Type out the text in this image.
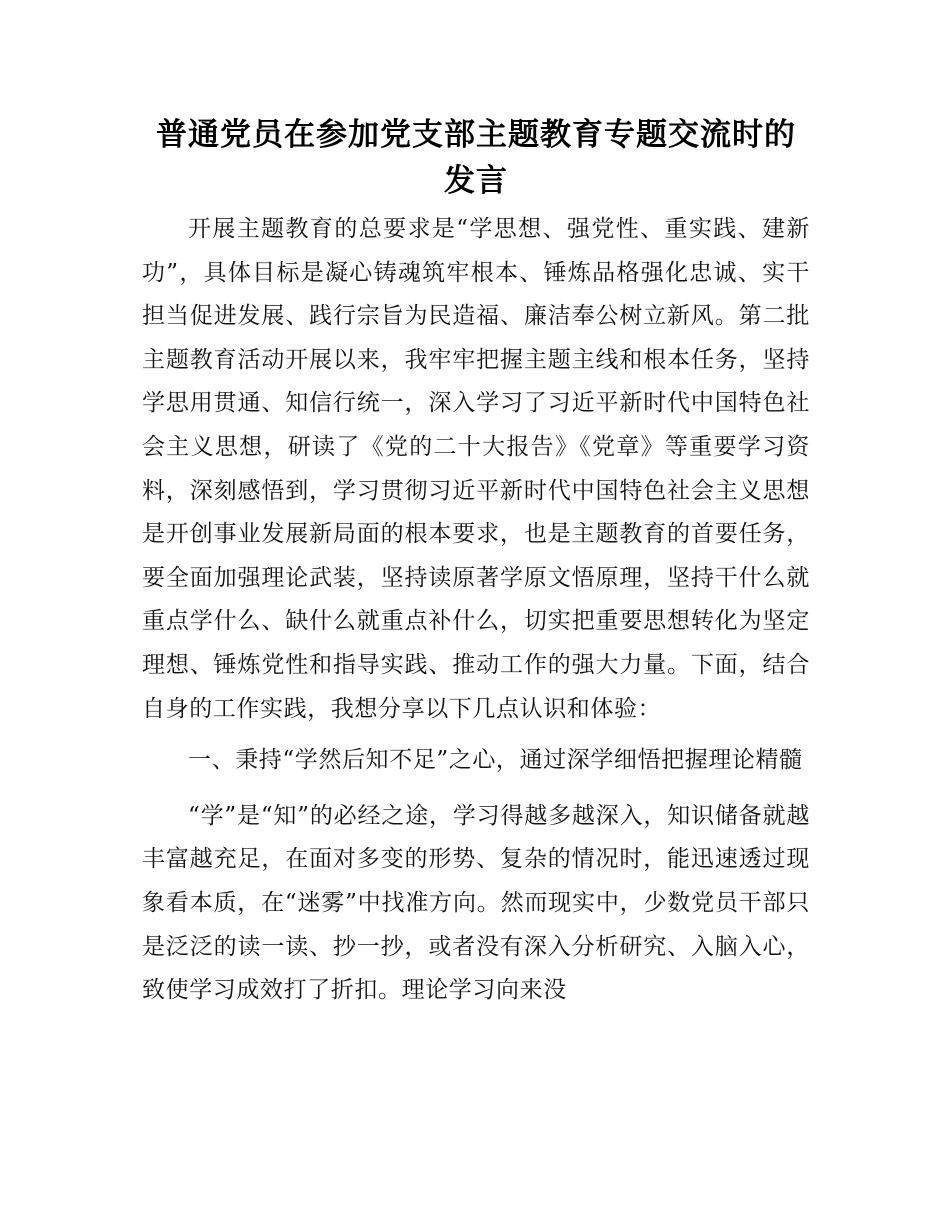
普通党员在参加党支部主题教育专题交流时的发言

开展主题教育的总要求是“学思想、强党性、重实践、建新功”，具体目标是凝心铸魂筑牢根本、锤炼品格强化忠诚、实干担当促进发展、践行宗旨为民造福、廉洁奉公树立新风。第二批主题教育活动开展以来，我牢牢把握主题主线和根本任务，坚持学思用贯通、知信行统一，深入学习了习近平新时代中国特色社会主义思想，研读了《党的二十大报告》《党章》等重要学习资料，深刻感悟到，学习贯彻习近平新时代中国特色社会主义思想是开创事业发展新局面的根本要求，也是主题教育的首要任务，要全面加强理论武装，坚持读原著学原文悟原理，坚持干什么就重点学什么、缺什么就重点补什么，切实把重要思想转化为坚定理想、锤炼党性和指导实践、推动工作的强大力量。下面，结合自身的工作实践，我想分享以下几点认识和体验：

一、秉持“学然后知不足”之心，通过深学细悟把握理论精髓

“学”是“知”的必经之途，学习得越多越深入，知识储备就越丰富越充足，在面对多变的形势、复杂的情况时，能迅速透过现象看本质，在“迷雾”中找准方向。然而现实中，少数党员干部只是泛泛的读一读、抄一抄，或者没有深入分析研究、入脑入心，致使学习成效打了折扣。理论学习向来没
